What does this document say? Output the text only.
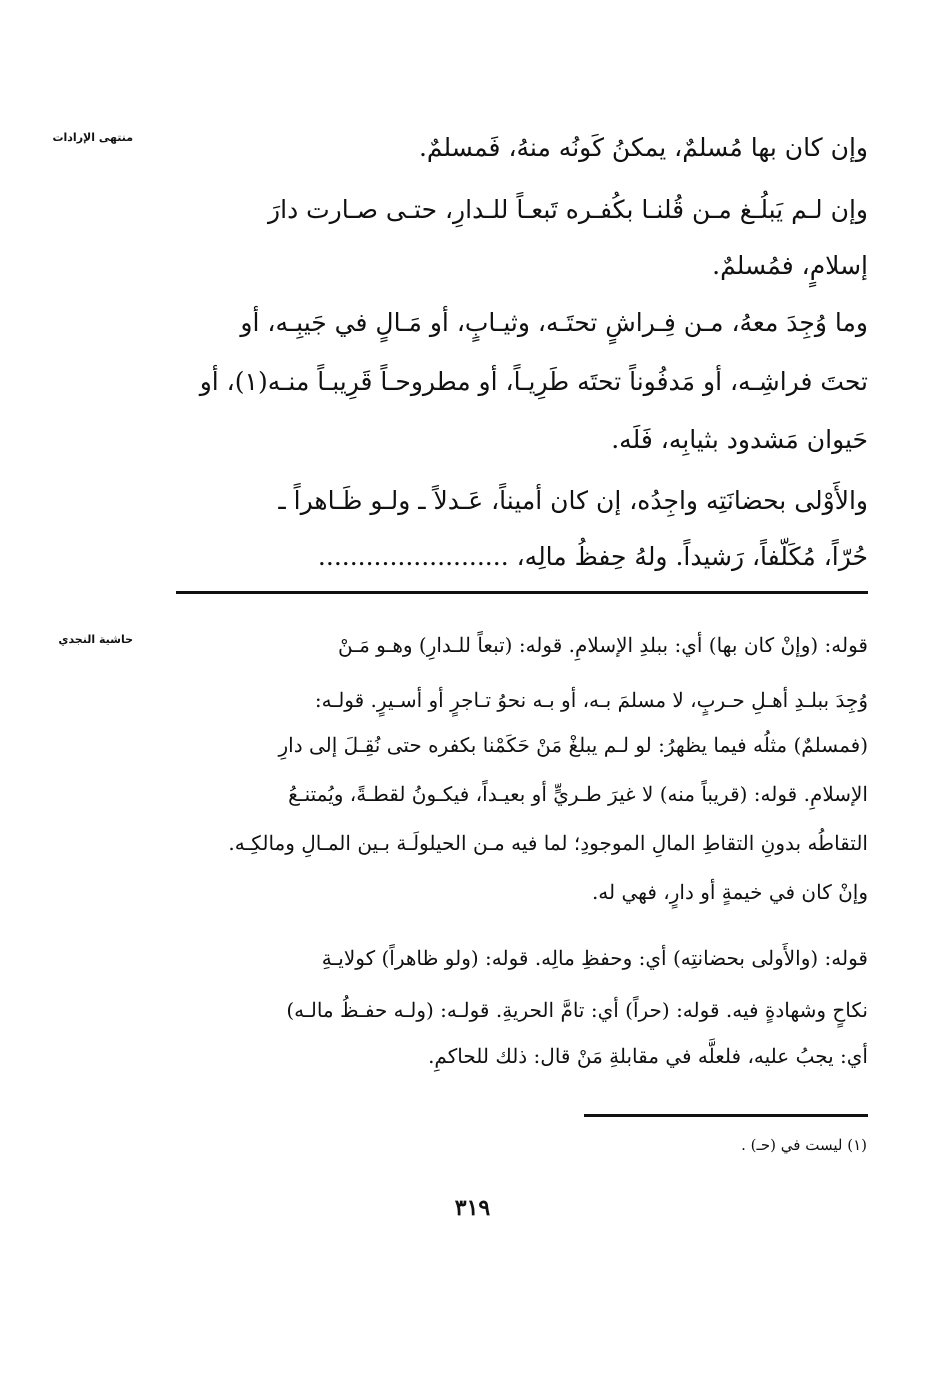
منتهى الإرادات
حاشية النجدي
وإن كان بها مُسلمٌ، يمكنُ كَونُه منهُ، فَمسلمٌ.
وإن لـم يَبلُـغ مـن قُلنـا بكُفـره تَبعـاً للـدارِ، حتـى صـارت دارَ
إسلامٍ، فمُسلمٌ.
وما وُجِدَ معهُ، مـن فِـراشٍ تحتَـه، وثيـابٍ، أو مَـالٍ في جَيبِـه، أو
تحتَ فراشِـه، أو مَدفُوناً تحتَه طَرِيـاً، أو مطروحـاً قَرِيبـاً منـه(١)، أو
حَيوان مَشدود بثيابِه، فَلَه.
والأَوْلى بحضانَتِه واجِدُه، إن كان أميناً، عَـدلاً ـ ولـو ظَـاهراً ـ
حُرّاً، مُكَلّفاً، رَشيداً. ولهُ حِفظُ مالِه، ........................
قوله: (وإنْ كان بها) أي: ببلدِ الإسلامِ. قوله: (تبعاً للـدارِ) وهـو مَـنْ
وُجِدَ ببلـدِ أهـلِ حـربٍ، لا مسلمَ بـه، أو بـه نحوُ تـاجرٍ أو أسـيرٍ. قولـه:
(فمسلمٌ) مثلُه فيما يظهرُ: لو لـم يبلغْ مَنْ حَكَمْنا بكفره حتى نُقِـلَ إلى دارِ
الإسلامِ. قوله: (قريباً منه) لا غيرَ طـريٍّ أو بعيـداً، فيكـونُ لقطـةً، ويُمتنـعُ
التقاطُه بدونِ التقاطِ المالِ الموجودِ؛ لما فيه مـن الحيلولَـة بـين المـالِ ومالكِـه.
وإنْ كان في خيمةٍ أو دارٍ، فهي له.
قوله: (والأَولى بحضانتِه) أي: وحفظِ مالِه. قوله: (ولو ظاهراً) كولايـةِ
نكاحٍ وشهادةٍ فيه. قوله: (حراً) أي: تامَّ الحريةِ. قولـه: (ولـه حفـظُ مالـه)
أي: يجبُ عليه، فلعلَّه في مقابلةِ مَنْ قال: ذلك للحاكمِ.
(١) ليست في (حـ) .
٣١٩
